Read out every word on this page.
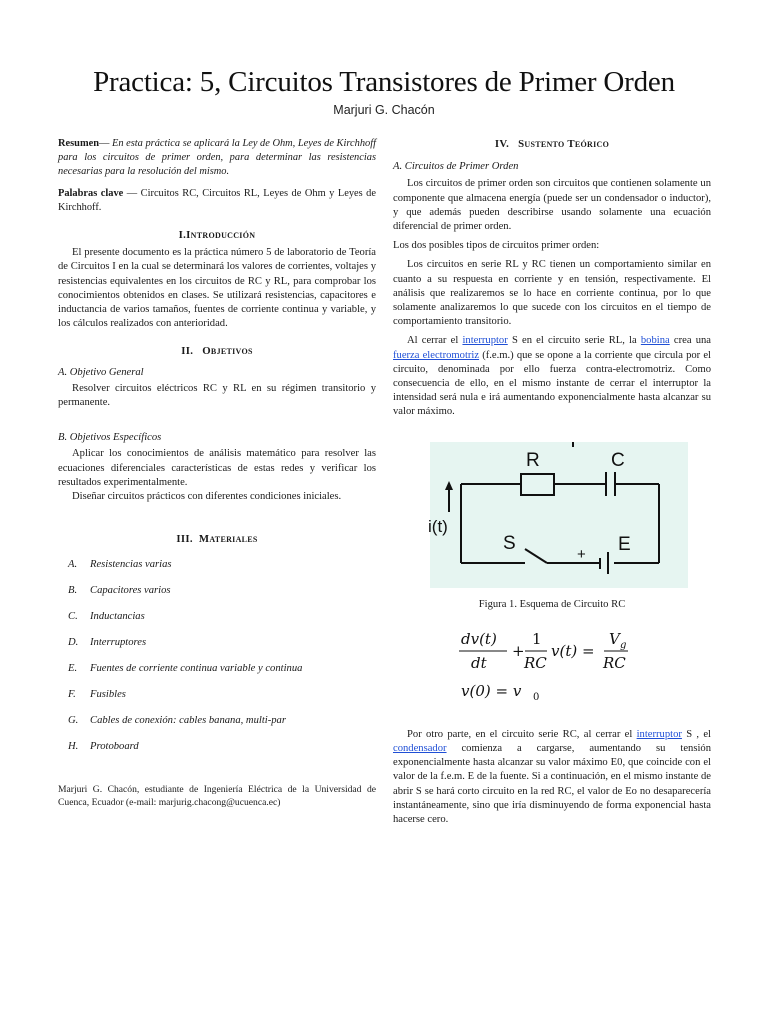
Practica: 5, Circuitos Transistores de Primer Orden
Marjuri G. Chacón

Resumen— En esta práctica se aplicará la Ley de Ohm, Leyes de Kirchhoff para los circuitos de primer orden, para determinar las resistencias necesarias para la resolución del mismo.

Palabras clave — Circuitos RC, Circuitos RL, Leyes de Ohm y Leyes de Kirchhoff.

I.Introducción

El presente documento es la práctica número 5 de laboratorio de Teoría de Circuitos I en la cual se determinará los valores de corrientes, voltajes y resistencias equivalentes en los circuitos de RC y RL, para comprobar los conocimientos obtenidos en clases. Se utilizará resistencias, capacitores e inductancia de varios tamaños, fuentes de corriente continua y variable, y los cálculos realizados con anterioridad.

II.   Objetivos

A. Objetivo General

Resolver circuitos eléctricos RC y RL en su régimen transitorio y permanente.

B. Objetivos Específicos

Aplicar los conocimientos de análisis matemático para resolver las ecuaciones diferenciales características de estas redes y verificar los resultados experimentalmente.

Diseñar circuitos prácticos con diferentes condiciones iniciales.

III.  Materiales
A.	Resistencias varias
B.	Capacitores varios
C.	Inductancias
D.	Interruptores
E.	Fuentes de corriente continua variable y continua
F.	Fusibles
G.	Cables de conexión: cables banana, multi-par
H.	Protoboard

Marjuri G. Chacón, estudiante de Ingeniería Eléctrica de la Universidad de Cuenca, Ecuador (e-mail: marjurig.chacong@ucuenca.ec)

IV.   Sustento Teórico

A. Circuitos de Primer Orden

Los circuitos de primer orden son circuitos que contienen solamente un componente que almacena energía (puede ser un condensador o inductor), y que además pueden describirse usando solamente una ecuación diferencial de primer orden.

Los dos posibles tipos de circuitos primer orden:

Los circuitos en serie RL y RC tienen un comportamiento similar en cuanto a su respuesta en corriente y en tensión, respectivamente. El análisis que realizaremos se lo hace en corriente continua, por lo que solamente analizaremos lo que sucede con los circuitos en el tiempo de comportamiento transitorio.

Al cerrar el interruptor S en el circuito serie RL, la bobina crea una fuerza electromotriz (f.e.m.) que se opone a la corriente que circula por el circuito, denominada por ello fuerza contra-electromotriz. Como consecuencia de ello, en el mismo instante de cerrar el interruptor la intensidad será nula e irá aumentando exponencialmente hasta alcanzar su valor máximo.

R	C
S	E
+
i(t)

Figura 1. Esquema de Circuito RC

dv(t)
dt
+
1
RC
v(t) =
V g
RC
v(0) = v 0

Por otro parte, en el circuito serie RC, al cerrar el interruptor S , el condensador comienza a cargarse, aumentando su tensión exponencialmente hasta alcanzar su valor máximo E0, que coincide con el valor de la f.e.m. E de la fuente. Si a continuación, en el mismo instante de abrir S se hará corto circuito en la red RC, el valor de Eo no desaparecería instantáneamente, sino que iría disminuyendo de forma exponencial hasta hacerse cero.
